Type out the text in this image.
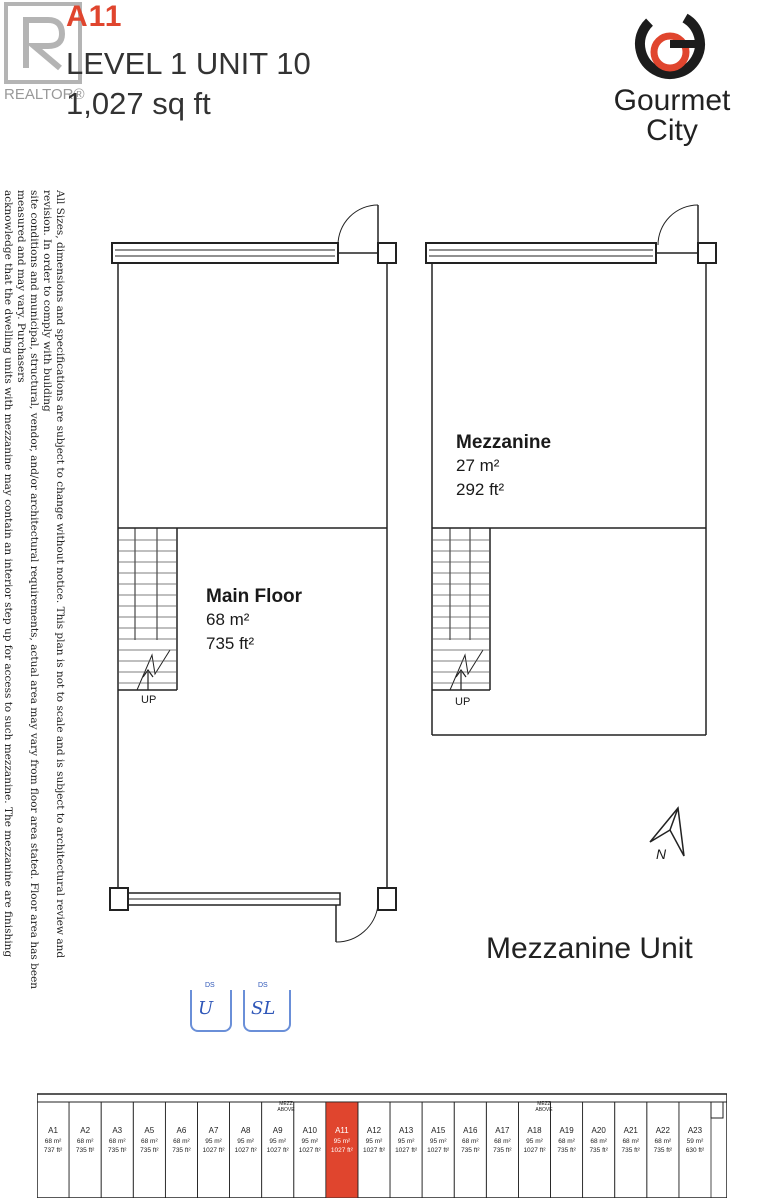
REALTOR®
A11
LEVEL 1 UNIT 10
1,027 sq ft	Gourmet
City
All Sizes, dimensions and specifications are subject to change without notice. This plan is not to scale and is subject to architectural review and revision. In order to comply with building
site conditions and municipal, structural, vendor, and/or architectural requirements, actual area may vary from floor area stated. Floor area has been measured and may vary. Purchasers
acknowledge that the dwelling units with mezzanine may contain an interior step up for access to such mezzanine. The mezzanine are finishing
UP	UP
N
Main Floor
68 m²
735 ft²
Mezzanine
27 m²
292 ft²
Mezzanine Unit
DS
U
DS
SL
MEZZ ABOVE
MEZZ ABOVE
A1
68 m²
737 ft²
A2
68 m²
735 ft²
A3
68 m²
735 ft²
A5
68 m²
735 ft²
A6
68 m²
735 ft²
A7
95 m²
1027 ft²
A8
95 m²
1027 ft²
A9
95 m²
1027 ft²
A10
95 m²
1027 ft²
A11
95 m²
1027 ft²
A12
95 m²
1027 ft²
A13
95 m²
1027 ft²
A15
95 m²
1027 ft²
A16
68 m²
735 ft²
A17
68 m²
735 ft²
A18
95 m²
1027 ft²
A19
68 m²
735 ft²
A20
68 m²
735 ft²
A21
68 m²
735 ft²
A22
68 m²
735 ft²
A23
59 m²
630 ft²
